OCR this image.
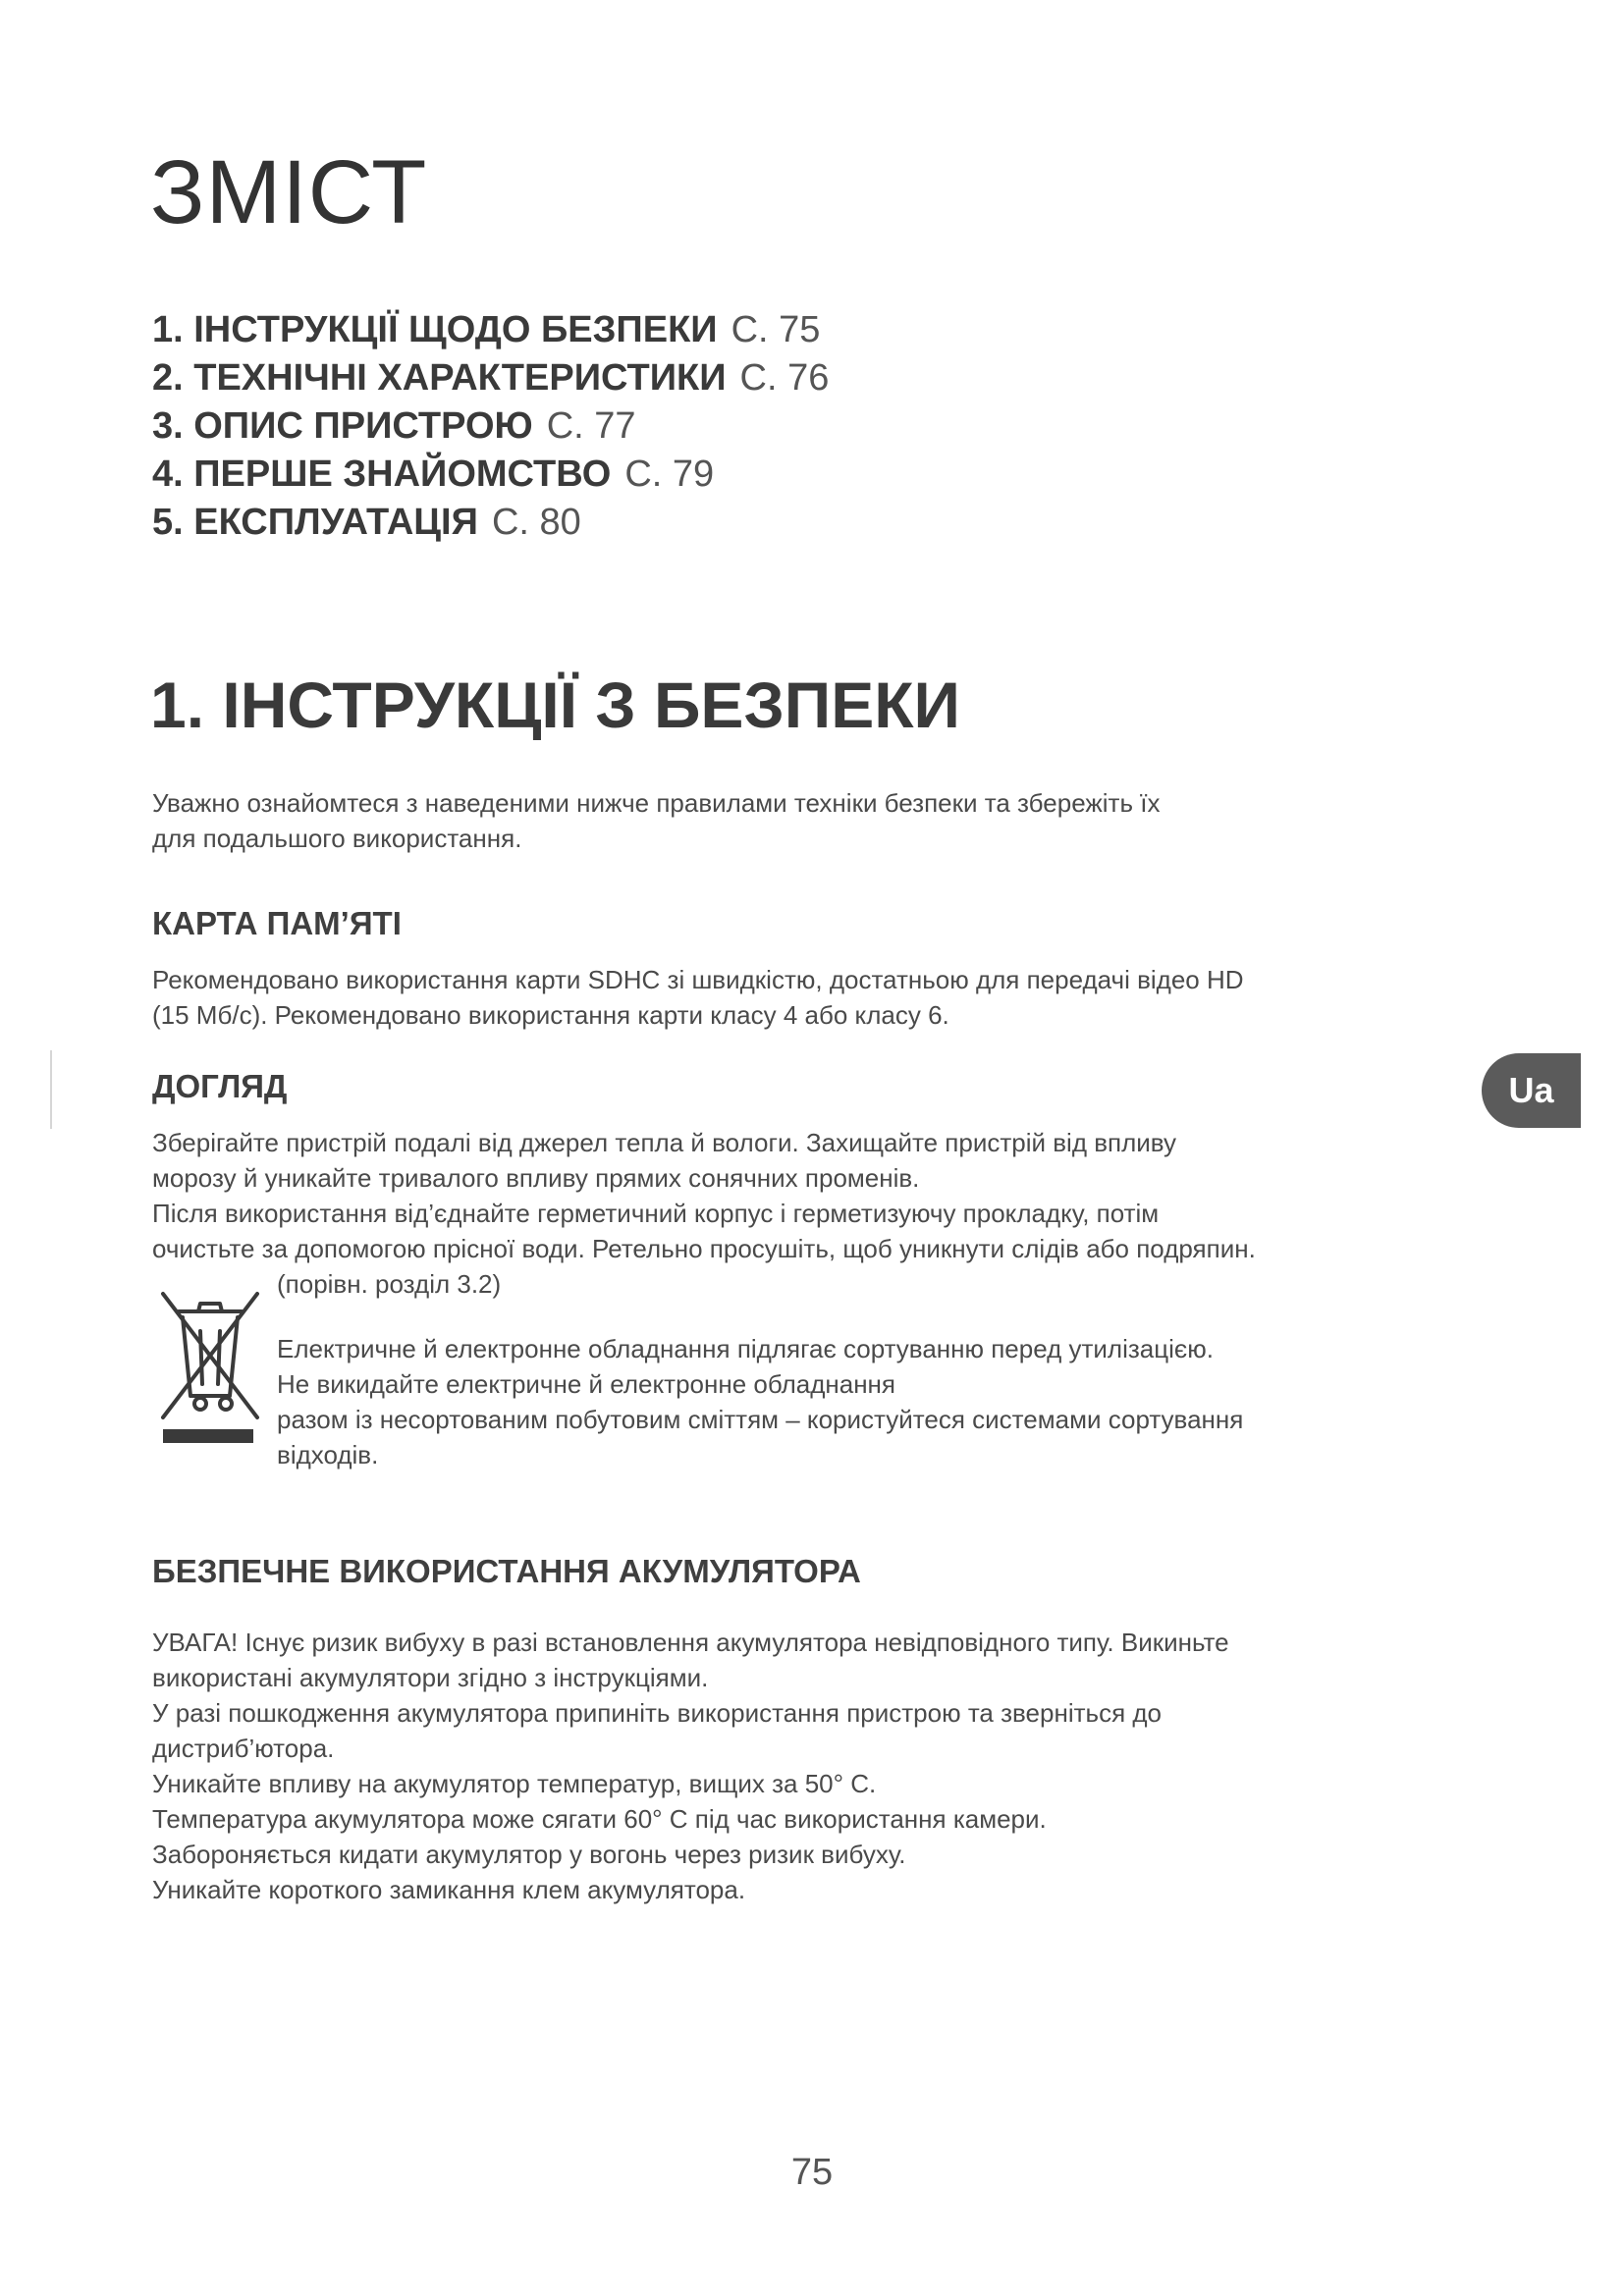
ЗМІСТ
1. ІНСТРУКЦІЇ ЩОДО БЕЗПЕКИ С. 75
2. ТЕХНІЧНІ ХАРАКТЕРИСТИКИ С. 76
3. ОПИС ПРИСТРОЮ С. 77
4. ПЕРШЕ ЗНАЙОМСТВО С. 79
5. ЕКСПЛУАТАЦІЯ С. 80
1. ІНСТРУКЦІЇ З БЕЗПЕКИ

Уважно ознайомтеся з наведеними нижче правилами техніки безпеки та збережіть їх

для подальшого використання.

КАРТА ПАМ’ЯТІ

Рекомендовано використання карти SDHC зі швидкістю, достатньою для передачі відео HD

(15 Мб/с). Рекомендовано використання карти класу 4 або класу 6.

Ua
ДОГЛЯД

Зберігайте пристрій подалі від джерел тепла й вологи. Захищайте пристрій від впливу

морозу й уникайте тривалого впливу прямих сонячних променів.

Після використання від’єднайте герметичний корпус і герметизуючу прокладку, потім

очистьте за допомогою прісної води. Ретельно просушіть, щоб уникнути слідів або подряпин.

(порівн. розділ 3.2)

Електричне й електронне обладнання підлягає сортуванню перед утилізацією.

Не викидайте електричне й електронне обладнання

разом із несортованим побутовим сміттям – користуйтеся системами сортування

відходів.

БЕЗПЕЧНЕ ВИКОРИСТАННЯ АКУМУЛЯТОРА

УВАГА! Існує ризик вибуху в разі встановлення акумулятора невідповідного типу. Викиньте

використані акумулятори згідно з інструкціями.

У разі пошкодження акумулятора припиніть використання пристрою та зверніться до

дистриб’ютора.

Уникайте впливу на акумулятор температур, вищих за 50° С.

Температура акумулятора може сягати 60° С під час використання камери.

Забороняється кидати акумулятор у вогонь через ризик вибуху.

Уникайте короткого замикання клем акумулятора.

75
